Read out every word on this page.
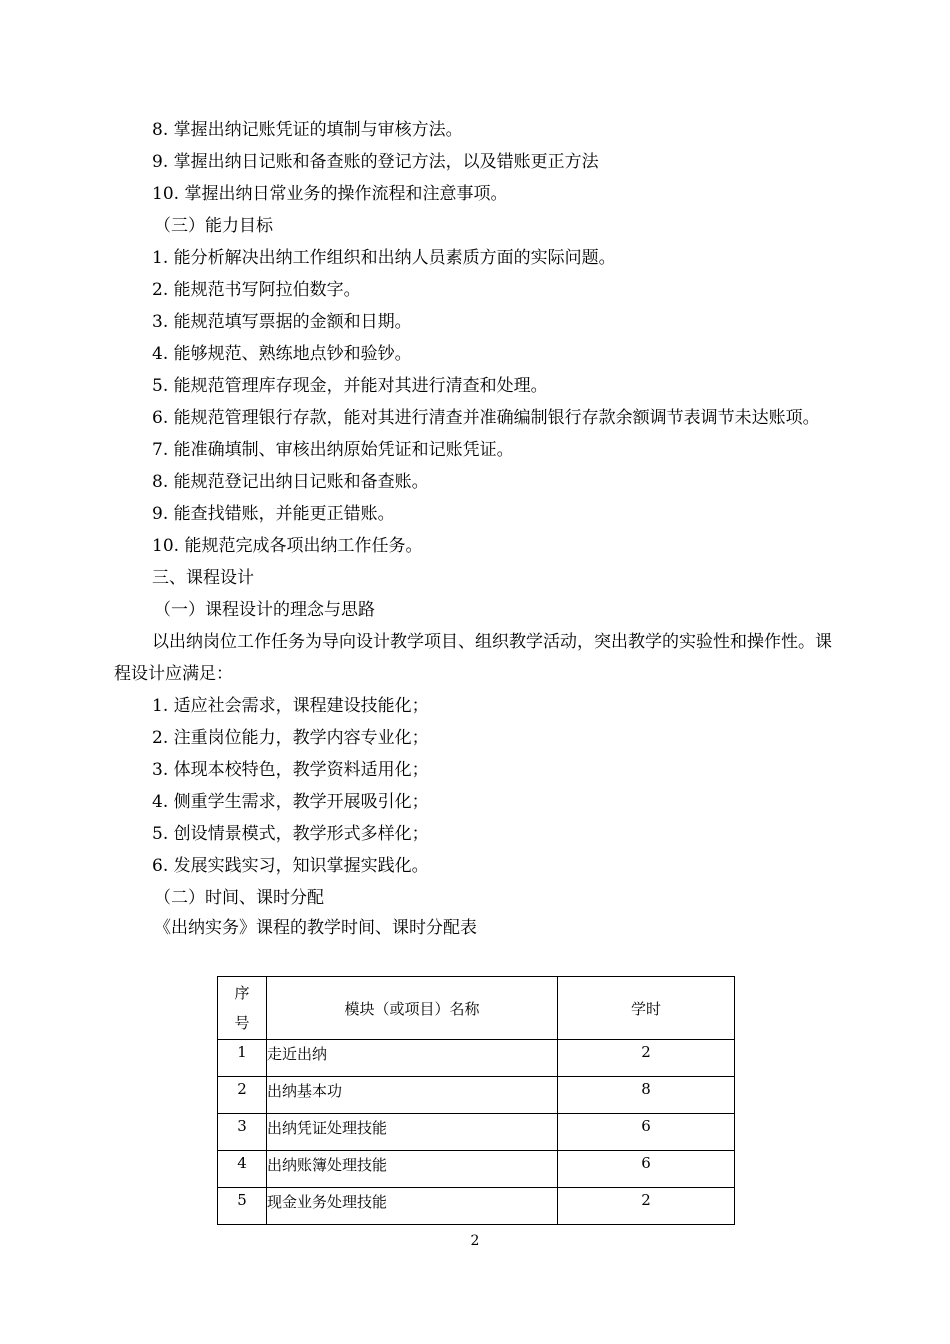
8. 掌握出纳记账凭证的填制与审核方法。

9. 掌握出纳日记账和备查账的登记方法，以及错账更正方法

10. 掌握出纳日常业务的操作流程和注意事项。

（三）能力目标

1. 能分析解决出纳工作组织和出纳人员素质方面的实际问题。

2. 能规范书写阿拉伯数字。

3. 能规范填写票据的金额和日期。

4. 能够规范、熟练地点钞和验钞。

5. 能规范管理库存现金，并能对其进行清查和处理。

6. 能规范管理银行存款，能对其进行清查并准确编制银行存款余额调节表调节未达账项。

7. 能准确填制、审核出纳原始凭证和记账凭证。

8. 能规范登记出纳日记账和备查账。

9. 能查找错账，并能更正错账。

10. 能规范完成各项出纳工作任务。

三、课程设计

（一）课程设计的理念与思路

以出纳岗位工作任务为导向设计教学项目、组织教学活动，突出教学的实验性和操作性。课程设计应满足：

1. 适应社会需求，课程建设技能化；

2. 注重岗位能力，教学内容专业化；

3. 体现本校特色，教学资料适用化；

4. 侧重学生需求，教学开展吸引化；

5. 创设情景模式，教学形式多样化；

6. 发展实践实习，知识掌握实践化。

（二）时间、课时分配

《出纳实务》课程的教学时间、课时分配表

序
号	模块（或项目）名称	学时
1	走近出纳	2
2	出纳基本功	8
3	出纳凭证处理技能	6
4	出纳账簿处理技能	6
5	现金业务处理技能	2
2
